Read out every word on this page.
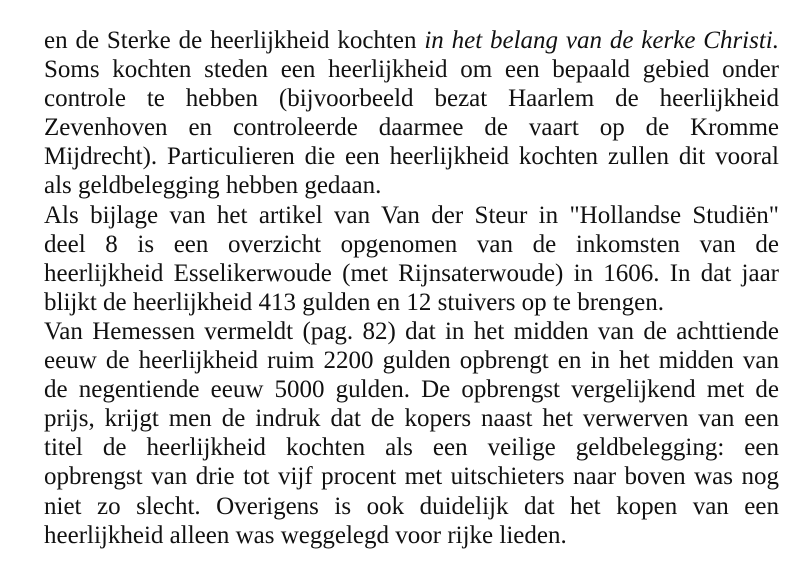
en de Sterke de heerlijkheid kochten in het belang van de kerke Christi.
Soms kochten steden een heerlijkheid om een bepaald gebied onder
controle te hebben (bijvoorbeeld bezat Haarlem de heerlijkheid
Zevenhoven en controleerde daarmee de vaart op de Kromme
Mijdrecht). Particulieren die een heerlijkheid kochten zullen dit vooral
als geldbelegging hebben gedaan.
Als bijlage van het artikel van Van der Steur in "Hollandse Studiën"
deel 8 is een overzicht opgenomen van de inkomsten van de
heerlijkheid Esselikerwoude (met Rijnsaterwoude) in 1606. In dat jaar
blijkt de heerlijkheid 413 gulden en 12 stuivers op te brengen.
Van Hemessen vermeldt (pag. 82) dat in het midden van de achttiende
eeuw de heerlijkheid ruim 2200 gulden opbrengt en in het midden van
de negentiende eeuw 5000 gulden. De opbrengst vergelijkend met de
prijs, krijgt men de indruk dat de kopers naast het verwerven van een
titel de heerlijkheid kochten als een veilige geldbelegging: een
opbrengst van drie tot vijf procent met uitschieters naar boven was nog
niet zo slecht. Overigens is ook duidelijk dat het kopen van een
heerlijkheid alleen was weggelegd voor rijke lieden.
